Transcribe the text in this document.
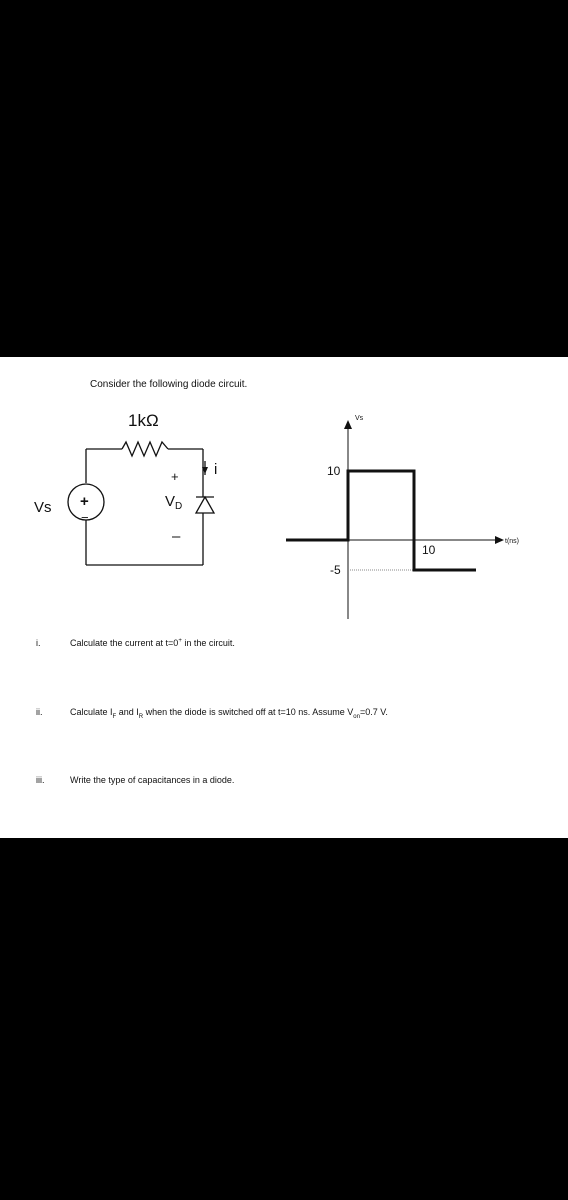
Consider the following diode circuit.
1kΩ
Vs +
−
+
$V_D$
–
i
Vs
t(ns)
10
-5
10
i.	Calculate the current at t=0+ in the circuit.
ii.	Calculate $I_F$ and $I_R$ when the diode is switched off at t=10 ns. Assume $V_{on}=0.7$ V.
iii.	Write the type of capacitances in a diode.
